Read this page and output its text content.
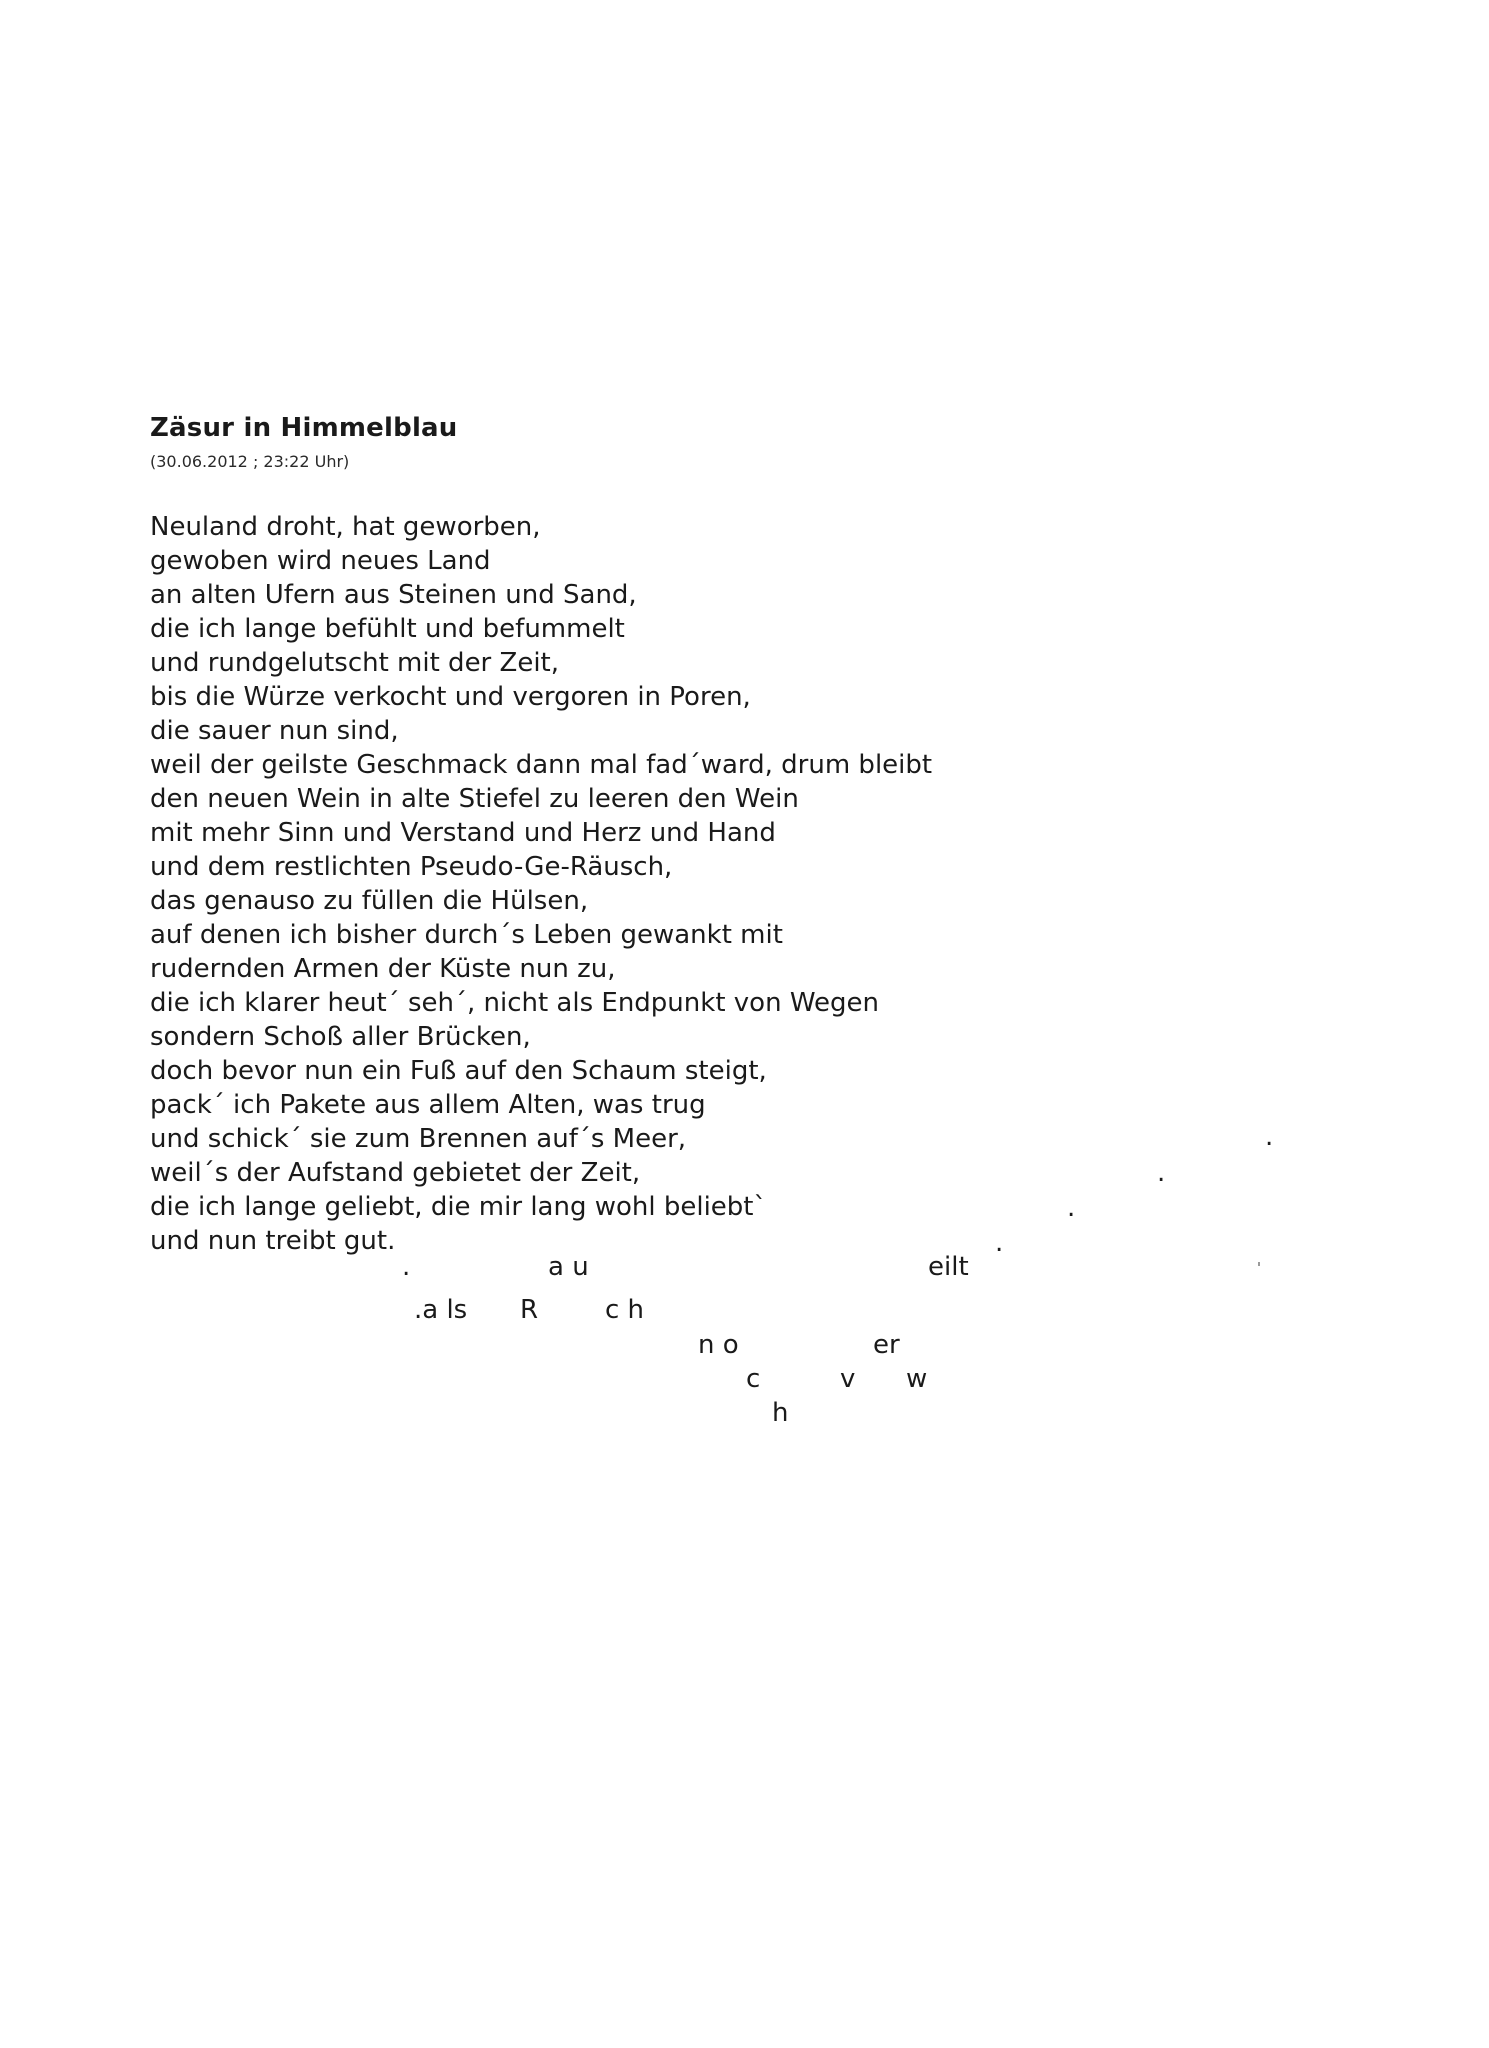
Zäsur in Himmelblau
(30.06.2012 ; 23:22 Uhr)
Neuland droht, hat geworben,
gewoben wird neues Land
an alten Ufern aus Steinen und Sand,
die ich lange befühlt und befummelt
und rundgelutscht mit der Zeit,
bis die Würze verkocht und vergoren in Poren,
die sauer nun sind,
weil der geilste Geschmack dann mal fad´ward, drum bleibt
den neuen Wein in alte Stiefel zu leeren den Wein
mit mehr Sinn und Verstand und Herz und Hand
und dem restlichten Pseudo-Ge-Räusch,
das genauso zu füllen die Hülsen,
auf denen ich bisher durch´s Leben gewankt mit
rudernden Armen der Küste nun zu,
die ich klarer heut´ seh´, nicht als Endpunkt von Wegen
sondern Schoß aller Brücken,
doch bevor nun ein Fuß auf den Schaum steigt,
pack´ ich Pakete aus allem Alten, was trug
und schick´ sie zum Brennen auf´s Meer,
weil´s der Aufstand gebietet der Zeit,
die ich lange geliebt, die mir lang wohl beliebt`
und nun treibt gut.
.	a u	eilt
.a ls R	c h
n o	er
c	v w
h
.
.
.
.
